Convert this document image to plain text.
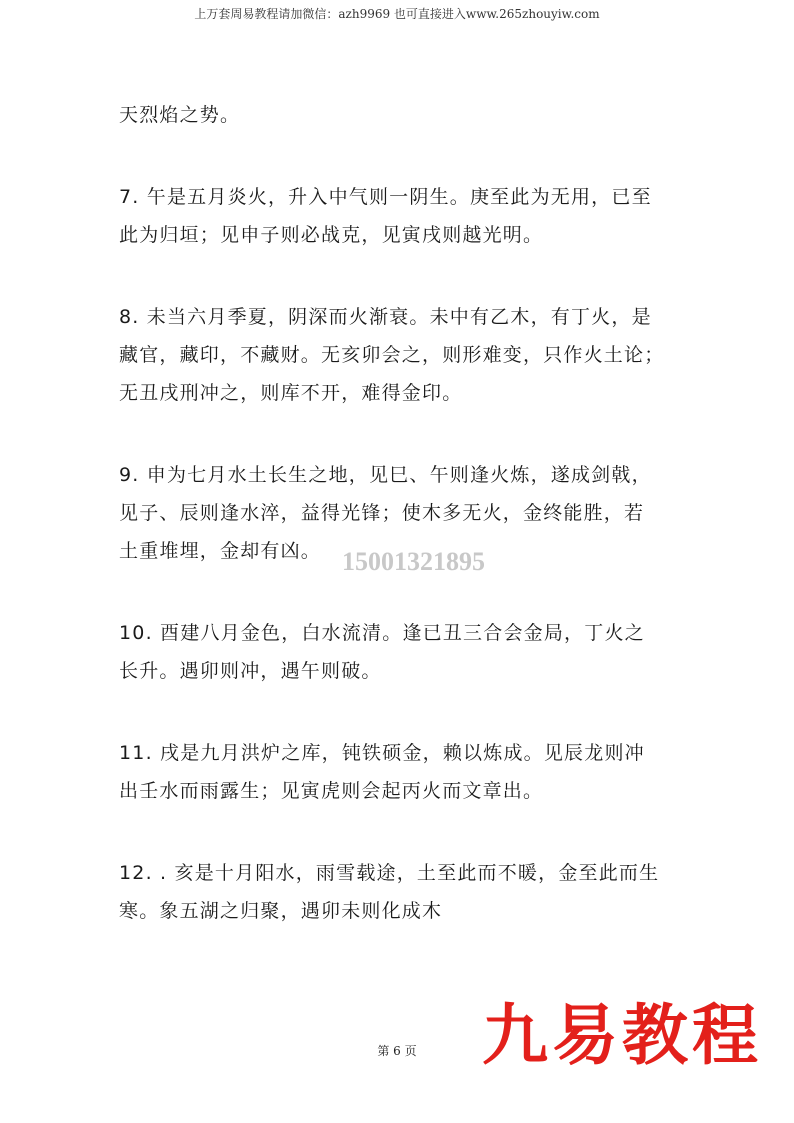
上万套周易教程请加微信：azh9969 也可直接进入www.265zhouyiw.com

天烈焰之势。

7. 午是五月炎火，升入中气则一阴生。庚至此为无用，已至
此为归垣；见申子则必战克，见寅戌则越光明。

8. 未当六月季夏，阴深而火渐衰。未中有乙木，有丁火，是
藏官，藏印，不藏财。无亥卯会之，则形难变，只作火土论；
无丑戌刑冲之，则库不开，难得金印。

9. 申为七月水土长生之地，见巳、午则逢火炼，遂成剑戟，
见子、辰则逢水淬，益得光锋；使木多无火，金终能胜，若
土重堆埋，金却有凶。

10. 酉建八月金色，白水流清。逢已丑三合会金局，丁火之
长升。遇卯则冲，遇午则破。

11. 戌是九月洪炉之库，钝铁硕金，赖以炼成。见辰龙则冲
出壬水而雨露生；见寅虎则会起丙火而文章出。

12. . 亥是十月阳水，雨雪载途，土至此而不暖，金至此而生
寒。象五湖之归聚，遇卯未则化成木

15001321895
第 6 页 九易教程
